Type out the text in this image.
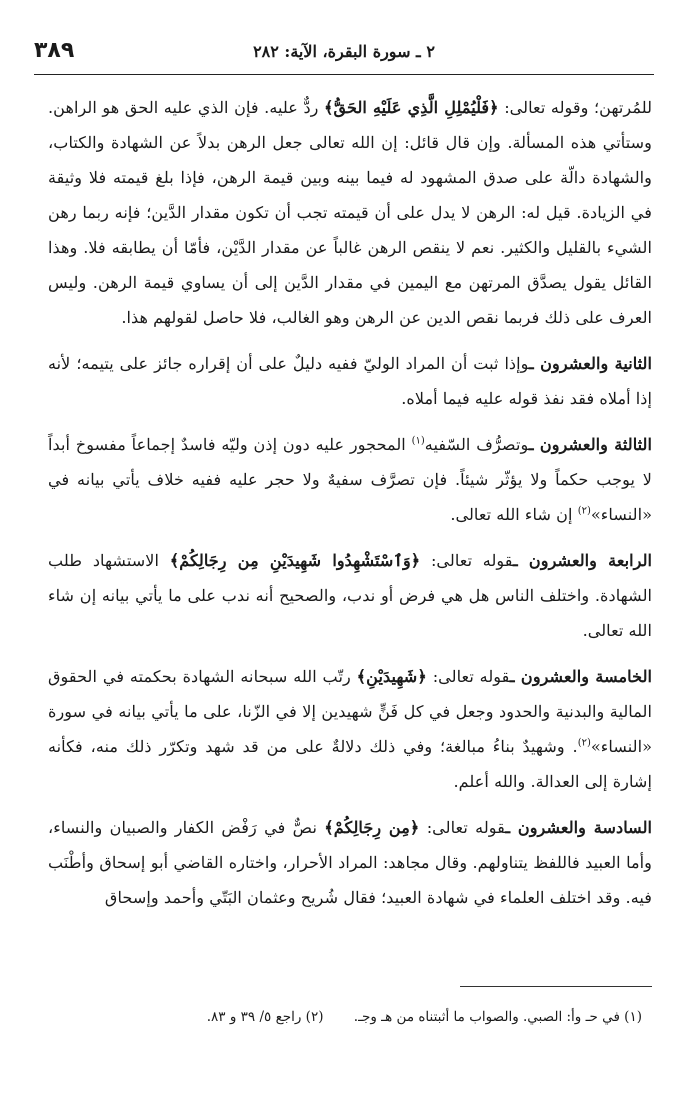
٣٨٩	٢ ـ سورة البقرة، الآية: ٢٨٢

للمُرتهن؛ وقوله تعالى: ﴿فَلْيُمْلِلِ الَّذِي عَلَيْهِ الحَقُّ﴾ ردٌّ عليه. فإن الذي عليه الحق هو الراهن. وستأتي هذه المسألة. وإن قال قائل: إن الله تعالى جعل الرهن بدلاً عن الشهادة والكتاب، والشهادة دالّة على صدق المشهود له فيما بينه وبين قيمة الرهن، فإذا بلغ قيمته فلا وثيقة في الزيادة. قيل له: الرهن لا يدل على أن قيمته تجب أن تكون مقدار الدَّين؛ فإنه ربما رهن الشيء بالقليل والكثير. نعم لا ينقص الرهن غالباً عن مقدار الدَّيْن، فأمّا أن يطابقه فلا. وهذا القائل يقول يصدَّق المرتهن مع اليمين في مقدار الدَّين إلى أن يساوي قيمة الرهن. وليس العرف على ذلك فربما نقص الدين عن الرهن وهو الغالب، فلا حاصل لقولهم هذا.

الثانية والعشرون ـوإذا ثبت أن المراد الوليّ ففيه دليلٌ على أن إقراره جائز على يتيمه؛ لأنه إذا أملاه فقد نفذ قوله عليه فيما أملاه.

الثالثة والعشرون ـوتصرُّف السّفيه$^{(١)}$ المحجور عليه دون إذن وليّه فاسدٌ إجماعاً مفسوخ أبداً لا يوجب حكماً ولا يؤثّر شيئاً. فإن تصرَّف سفيهٌ ولا حجر عليه ففيه خلاف يأتي بيانه في «النساء»$^{(٢)}$ إن شاء الله تعالى.

الرابعة والعشرون ـقوله تعالى: ﴿وَٱسْتَشْهِدُوا شَهِيدَيْنِ مِن رِجَالِكُمْ﴾ الاستشهاد طلب الشهادة. واختلف الناس هل هي فرض أو ندب، والصحيح أنه ندب على ما يأتي بيانه إن شاء الله تعالى.

الخامسة والعشرون ـقوله تعالى: ﴿شَهِيدَيْنِ﴾ رتّب الله سبحانه الشهادة بحكمته في الحقوق المالية والبدنية والحدود وجعل في كل فَنٍّ شهيدين إلا في الزّنا، على ما يأتي بيانه في سورة «النساء»$^{(٢)}$. وشهيدٌ بناءُ مبالغة؛ وفي ذلك دلالةٌ على من قد شهد وتكرّر ذلك منه، فكأنه إشارة إلى العدالة. والله أعلم.

السادسة والعشرون ـقوله تعالى: ﴿مِن رِجَالِكُمْ﴾ نصٌّ في رَفْض الكفار والصبيان والنساء، وأما العبيد فاللفظ يتناولهم. وقال مجاهد: المراد الأحرار، واختاره القاضي أبو إسحاق وأطْنَب فيه. وقد اختلف العلماء في شهادة العبيد؛ فقال شُريح وعثمان البَتّي وأحمد وإسحاق

(١) في حـ وأ: الصبي. والصواب ما أثبتناه من هـ وجـ. (٢) راجع ٥/ ٣٩ و ٨٣.
